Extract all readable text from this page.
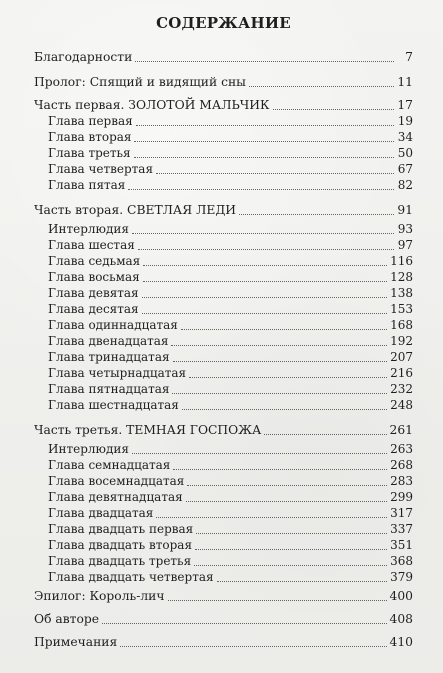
СОДЕРЖАНИЕ
Благодарности	7
Пролог: Спящий и видящий сны	11
Часть первая. ЗОЛОТОЙ МАЛЬЧИК	17
Глава первая	19
Глава вторая	34
Глава третья	50
Глава четвертая	67
Глава пятая	82
Часть вторая. СВЕТЛАЯ ЛЕДИ	91
Интерлюдия	93
Глава шестая	97
Глава седьмая	116
Глава восьмая	128
Глава девятая	138
Глава десятая	153
Глава одиннадцатая	168
Глава двенадцатая	192
Глава тринадцатая	207
Глава четырнадцатая	216
Глава пятнадцатая	232
Глава шестнадцатая	248
Часть третья. ТЕМНАЯ ГОСПОЖА	261
Интерлюдия	263
Глава семнадцатая	268
Глава восемнадцатая	283
Глава девятнадцатая	299
Глава двадцатая	317
Глава двадцать первая	337
Глава двадцать вторая	351
Глава двадцать третья	368
Глава двадцать четвертая	379
Эпилог: Король-лич	400
Об авторе	408
Примечания	410
